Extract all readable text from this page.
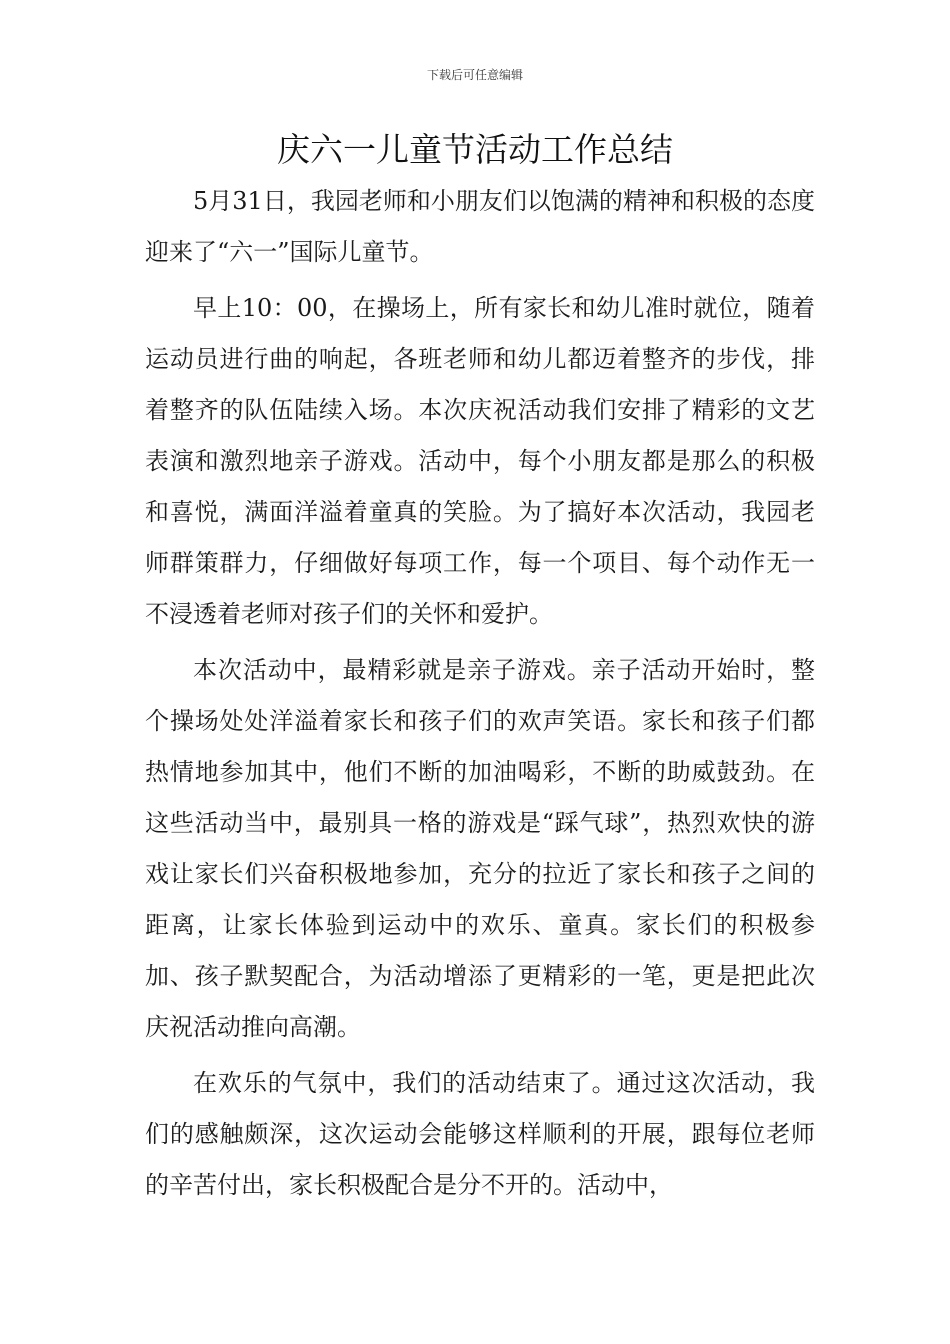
下载后可任意编辑
庆六一儿童节活动工作总结

5月31日，我园老师和小朋友们以饱满的精神和积极的态度迎来了“六一”国际儿童节。

早上10：00，在操场上，所有家长和幼儿准时就位，随着运动员进行曲的响起，各班老师和幼儿都迈着整齐的步伐，排着整齐的队伍陆续入场。本次庆祝活动我们安排了精彩的文艺表演和激烈地亲子游戏。活动中，每个小朋友都是那么的积极和喜悦，满面洋溢着童真的笑脸。为了搞好本次活动，我园老师群策群力，仔细做好每项工作，每一个项目、每个动作无一不浸透着老师对孩子们的关怀和爱护。

本次活动中，最精彩就是亲子游戏。亲子活动开始时，整个操场处处洋溢着家长和孩子们的欢声笑语。家长和孩子们都热情地参加其中，他们不断的加油喝彩，不断的助威鼓劲。在这些活动当中，最别具一格的游戏是“踩气球”，热烈欢快的游戏让家长们兴奋积极地参加，充分的拉近了家长和孩子之间的距离，让家长体验到运动中的欢乐、童真。家长们的积极参加、孩子默契配合，为活动增添了更精彩的一笔，更是把此次庆祝活动推向高潮。

在欢乐的气氛中，我们的活动结束了。通过这次活动，我们的感触颇深，这次运动会能够这样顺利的开展，跟每位老师的辛苦付出，家长积极配合是分不开的。活动中，
